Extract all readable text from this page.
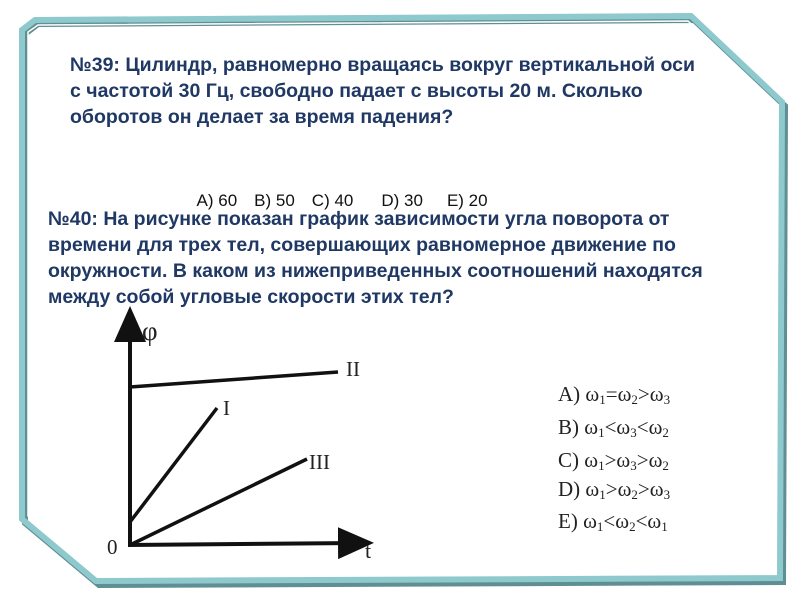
№39: Цилиндр, равномерно вращаясь вокруг вертикальной оси с частотой 30 Гц, свободно падает с высоты 20 м. Сколько оборотов он делает за время падения?

A) 60 B) 50 C) 40 D) 30 E) 20

№40: На рисунке показан график зависимости угла поворота от времени для трех тел, совершающих равномерное движение по окружности. В каком из нижеприведенных соотношений находятся между собой угловые скорости этих тел?

φ
t
0
I
II
III
A) $\omega_1=\omega_2>\omega_3$
B) $\omega_1<\omega_3<\omega_2$
C) $\omega_1>\omega_3>\omega_2$
D) $\omega_1>\omega_2>\omega_3$
E) $\omega_1<\omega_2<\omega_1$
